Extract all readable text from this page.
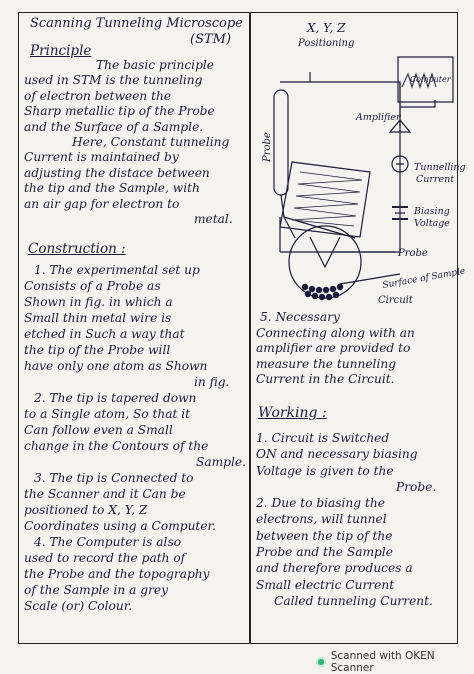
Scanning Tunneling Microscope
(STM)
Principle
The basic principle
used in STM is the tunneling
of electron between the
Sharp metallic tip of the Probe
and the Surface of a Sample.
Here, Constant tunneling
Current is maintained by
adjusting the distace between
the tip and the Sample, with
an air gap for electron to
metal.
Construction :
1. The experimental set up
Consists of a Probe as
Shown in fig. in which a
Small thin metal wire is
etched in Such a way that
the tip of the Probe will
have only one atom as Shown
in fig.
2. The tip is tapered down
to a Single atom, So that it
Can follow even a Small
change in the Contours of the
Sample.
3. The tip is Connected to
the Scanner and it Can be
positioned to X, Y, Z
Coordinates using a Computer.
4. The Computer is also
used to record the path of
the Probe and the topography
of the Sample in a grey
Scale (or) Colour.
X, Y, Z
Positioning
Computer
Amplifier
Probe
Tunnelling
Current
Biasing
Voltage
Probe
Surface of Sample
Circuit
5. Necessary
Connecting along with an
amplifier are provided to
measure the tunneling
Current in the Circuit.
Working :
1. Circuit is Switched
ON and necessary biasing
Voltage is given to the
Probe.
2. Due to biasing the
electrons, will tunnel
between the tip of the
Probe and the Sample
and therefore produces a
Small electric Current
Called tunneling Current.
Scanned with OKEN Scanner
